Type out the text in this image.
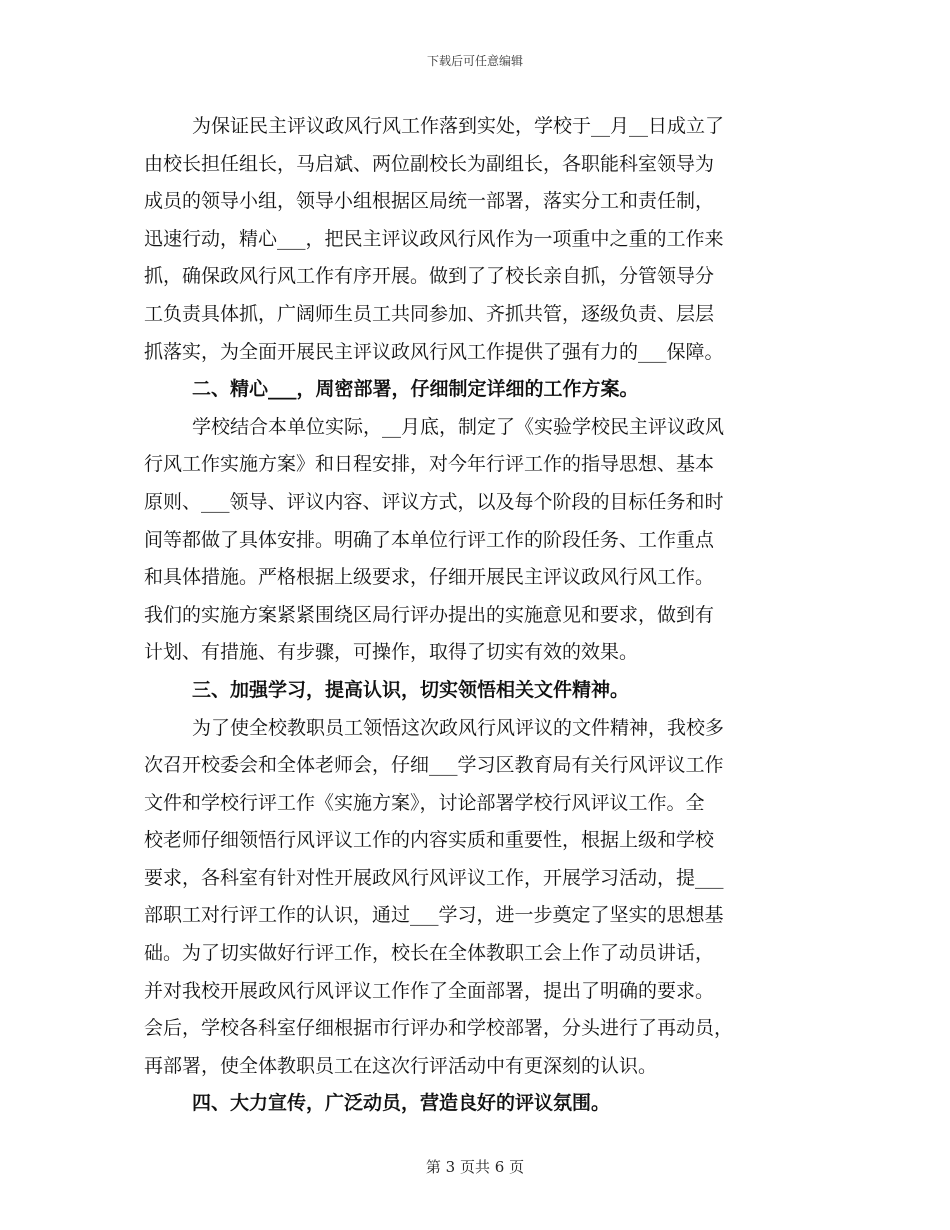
下载后可任意编辑
为保证民主评议政风行风工作落到实处，学校于__月__日成立了
由校长担任组长，马启斌、两位副校长为副组长，各职能科室领导为
成员的领导小组，领导小组根据区局统一部署，落实分工和责任制，
迅速行动，精心___，把民主评议政风行风作为一项重中之重的工作来
抓，确保政风行风工作有序开展。做到了了校长亲自抓，分管领导分
工负责具体抓，广阔师生员工共同参加、齐抓共管，逐级负责、层层
抓落实，为全面开展民主评议政风行风工作提供了强有力的___保障。
二、精心___，周密部署，仔细制定详细的工作方案。
学校结合本单位实际，__月底，制定了《实验学校民主评议政风
行风工作实施方案》和日程安排，对今年行评工作的指导思想、基本
原则、___领导、评议内容、评议方式，以及每个阶段的目标任务和时
间等都做了具体安排。明确了本单位行评工作的阶段任务、工作重点
和具体措施。严格根据上级要求，仔细开展民主评议政风行风工作。
我们的实施方案紧紧围绕区局行评办提出的实施意见和要求，做到有
计划、有措施、有步骤，可操作，取得了切实有效的效果。
三、加强学习，提高认识，切实领悟相关文件精神。
为了使全校教职员工领悟这次政风行风评议的文件精神，我校多
次召开校委会和全体老师会，仔细___学习区教育局有关行风评议工作
文件和学校行评工作《实施方案》，讨论部署学校行风评议工作。全
校老师仔细领悟行风评议工作的内容实质和重要性，根据上级和学校
要求，各科室有针对性开展政风行风评议工作，开展学习活动，提___
部职工对行评工作的认识，通过___学习，进一步奠定了坚实的思想基
础。为了切实做好行评工作，校长在全体教职工会上作了动员讲话，
并对我校开展政风行风评议工作作了全面部署，提出了明确的要求。
会后，学校各科室仔细根据市行评办和学校部署，分头进行了再动员，
再部署，使全体教职员工在这次行评活动中有更深刻的认识。
四、大力宣传，广泛动员，营造良好的评议氛围。
第 3 页共 6 页
